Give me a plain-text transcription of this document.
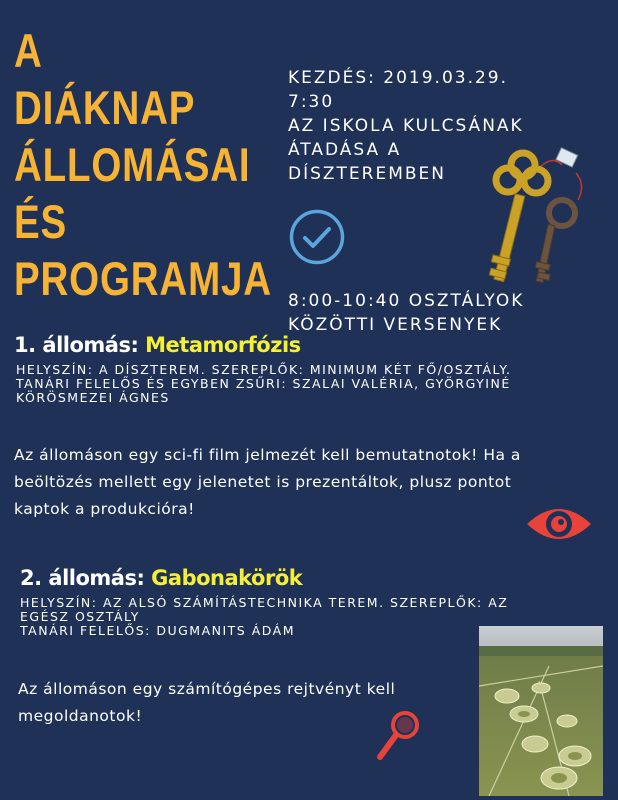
A DIÁKNAP
ÁLLOMÁSAI
ÉS
PROGRAMJA
KEZDÉS: 2019.03.29.
7:30
AZ ISKOLA KULCSÁNAK
ÁTADÁSA A
DÍSZTEREMBEN
8:00-10:40 OSZTÁLYOK
KÖZÖTTI VERSENYEK
1. állomás: Metamorfózis
HELYSZÍN: A DÍSZTEREM. SZEREPLŐK: MINIMUM KÉT FŐ/OSZTÁLY.
TANÁRI FELELŐS ÉS EGYBEN ZSŰRI: SZALAI VALÉRIA, GYÖRGYINÉ
KÖRÖSMEZEI ÁGNES
Az állomáson egy sci-fi film jelmezét kell bemutatnotok! Ha a
beöltözés mellett egy jelenetet is prezentáltok, plusz pontot
kaptok a produkcióra!
2. állomás: Gabonakörök
HELYSZÍN: AZ ALSÓ SZÁMÍTÁSTECHNIKA TEREM. SZEREPLŐK: AZ
EGÉSZ OSZTÁLY
TANÁRI FELELŐS: DUGMANITS ÁDÁM
Az állomáson egy számítógépes rejtvényt kell
megoldanotok!
